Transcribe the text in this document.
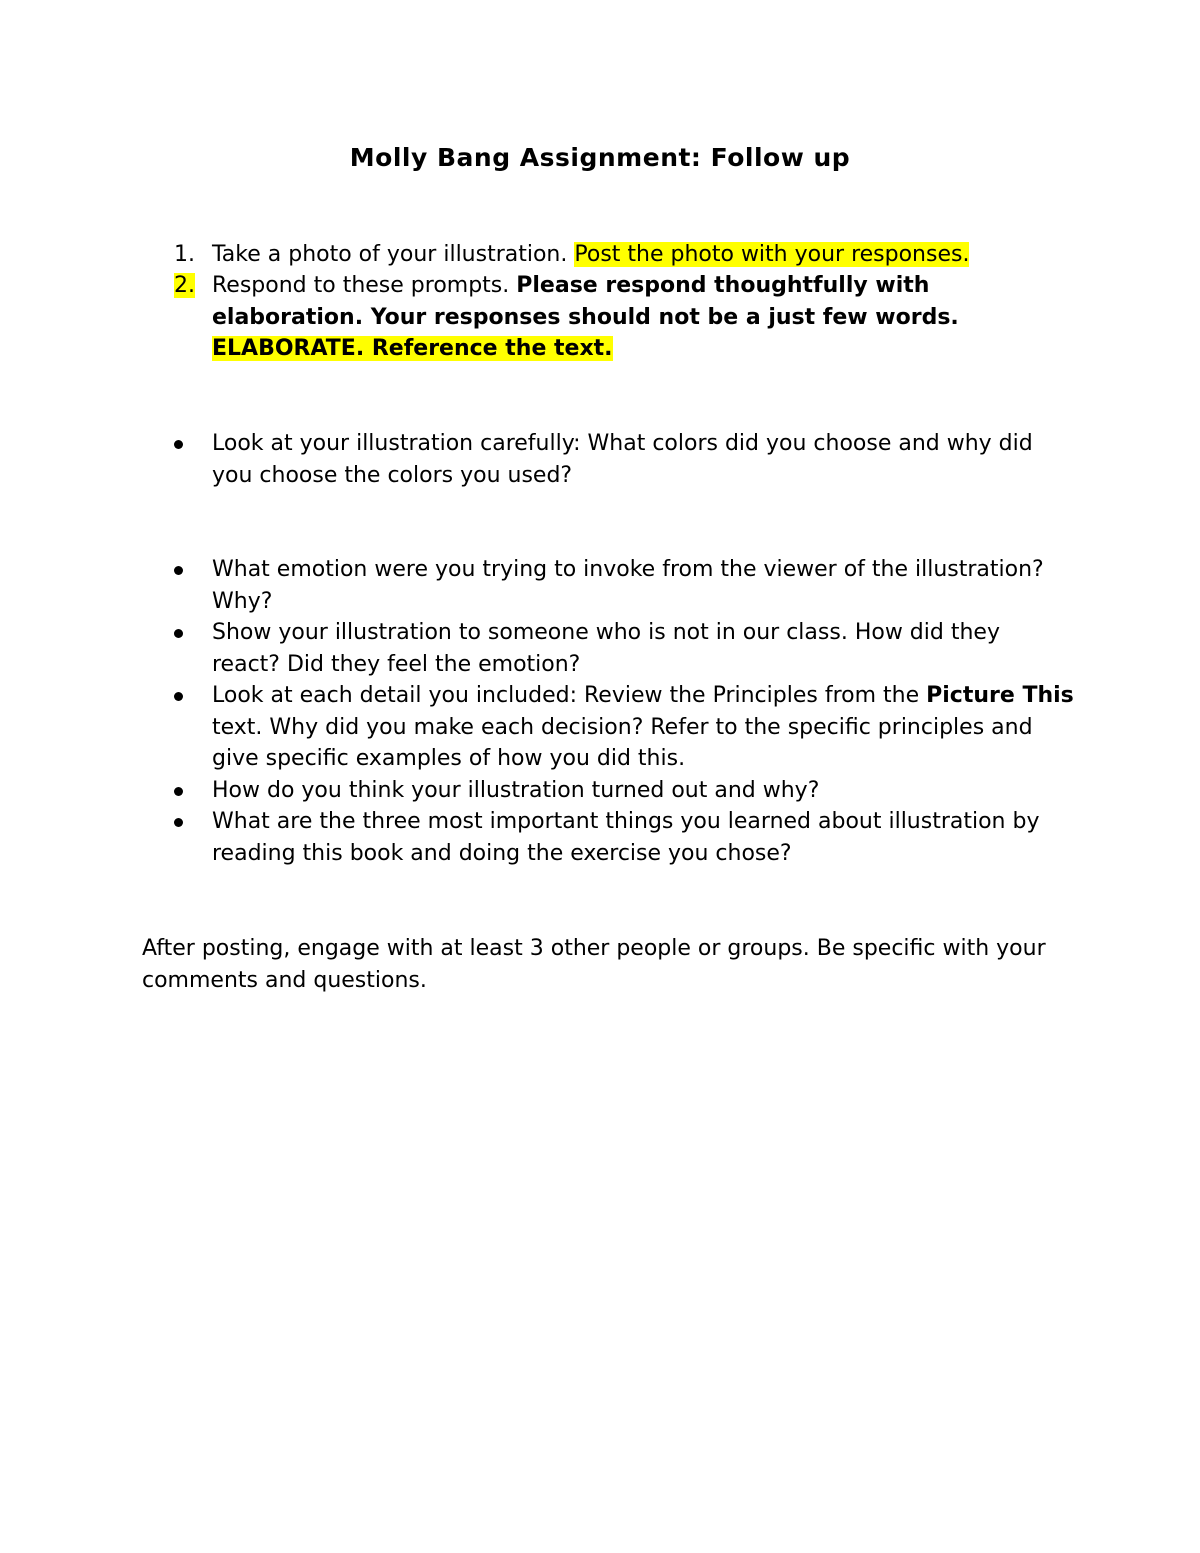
Molly Bang Assignment: Follow up
1. Take a photo of your illustration. Post the photo with your responses.
2. Respond to these prompts. Please respond thoughtfully with elaboration. Your responses should not be a just few words. ELABORATE. Reference the text.
Look at your illustration carefully: What colors did you choose and why did you choose the colors you used?
What emotion were you trying to invoke from the viewer of the illustration? Why?
Show your illustration to someone who is not in our class. How did they react? Did they feel the emotion?
Look at each detail you included: Review the Principles from the Picture This text. Why did you make each decision? Refer to the specific principles and give specific examples of how you did this.
How do you think your illustration turned out and why?
What are the three most important things you learned about illustration by reading this book and doing the exercise you chose?
After posting, engage with at least 3 other people or groups. Be specific with your comments and questions.
